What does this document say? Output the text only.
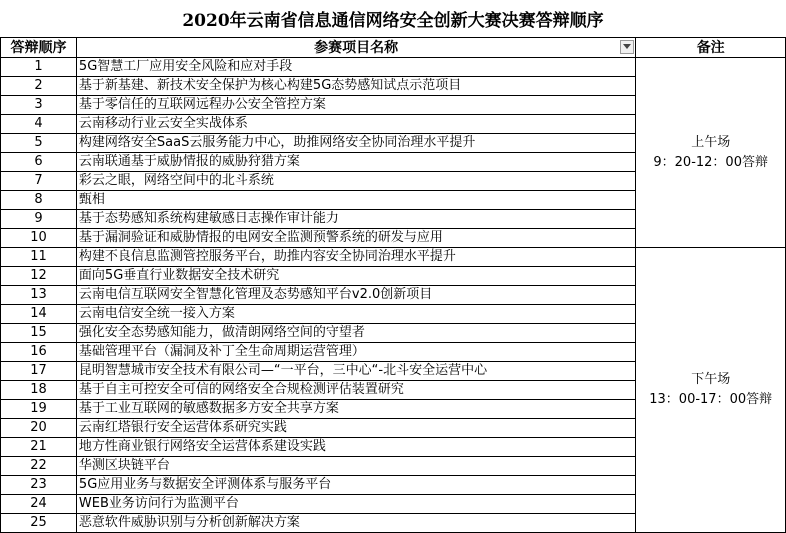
2020年云南省信息通信网络安全创新大赛决赛答辩顺序
答辩顺序	参赛项目名称	备注
1	5G智慧工厂应用安全风险和应对手段	上午场
9：20-12：00答辩

2	基于新基建、新技术安全保护为核心构建5G态势感知试点示范项目	
3	基于零信任的互联网远程办公安全管控方案	
4	云南移动行业云安全实战体系	
5	构建网络安全SaaS云服务能力中心，助推网络安全协同治理水平提升	
6	云南联通基于威胁情报的威胁狩猎方案	
7	彩云之眼，网络空间中的北斗系统	
8	甄相	
9	基于态势感知系统构建敏感日志操作审计能力	
10	基于漏洞验证和威胁情报的电网安全监测预警系统的研发与应用	
11	构建不良信息监测管控服务平台，助推内容安全协同治理水平提升	下午场
13：00-17：00答辩

12	面向5G垂直行业数据安全技术研究	
13	云南电信互联网安全智慧化管理及态势感知平台v2.0创新项目	
14	云南电信安全统一接入方案	
15	强化安全态势感知能力，做清朗网络空间的守望者	
16	基础管理平台（漏洞及补丁全生命周期运营管理）	
17	昆明智慧城市安全技术有限公司—“一平台，三中心“-北斗安全运营中心	
18	基于自主可控安全可信的网络安全合规检测评估装置研究	
19	基于工业互联网的敏感数据多方安全共享方案	
20	云南红塔银行安全运营体系研究实践	
21	地方性商业银行网络安全运营体系建设实践	
22	华测区块链平台	
23	5G应用业务与数据安全评测体系与服务平台	
24	WEB业务访问行为监测平台	
25	恶意软件威胁识别与分析创新解决方案	
